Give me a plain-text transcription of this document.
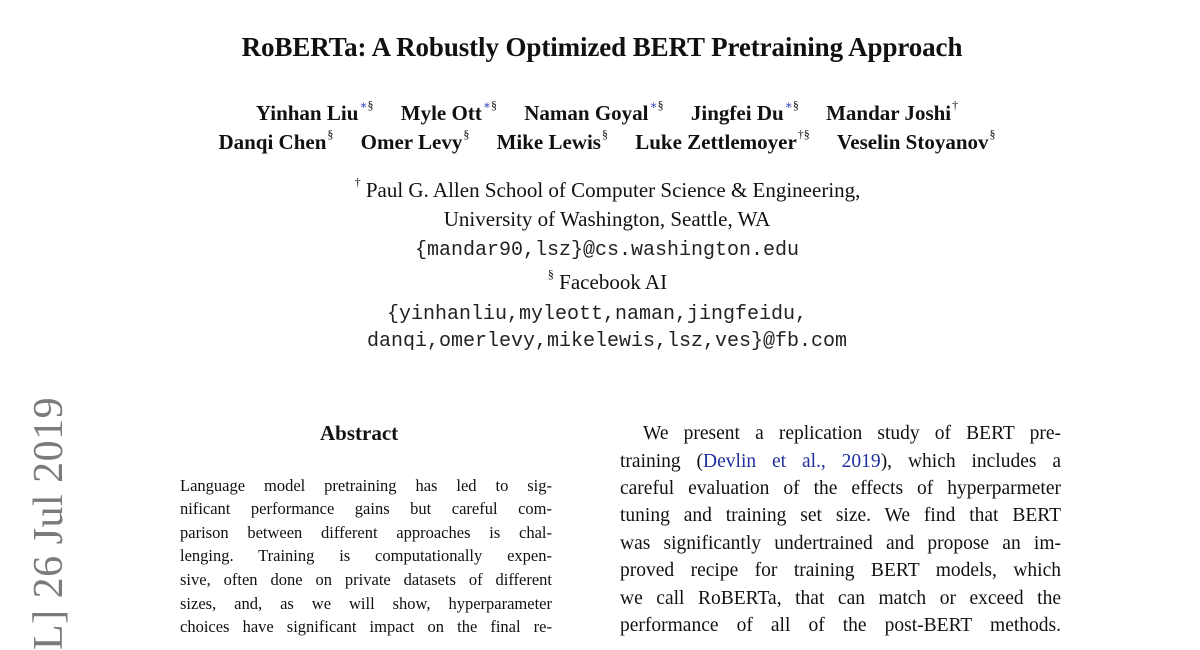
RoBERTa: A Robustly Optimized BERT Pretraining Approach
Yinhan Liu∗§ Myle Ott∗§ Naman Goyal∗§ Jingfei Du∗§ Mandar Joshi†
Danqi Chen§ Omer Levy§ Mike Lewis§ Luke Zettlemoyer†§ Veselin Stoyanov§
† Paul G. Allen School of Computer Science & Engineering,
University of Washington, Seattle, WA
{mandar90,lsz}@cs.washington.edu
§ Facebook AI
{yinhanliu,myleott,naman,jingfeidu,
danqi,omerlevy,mikelewis,lsz,ves}@fb.com
L] 26 Jul 2019	Abstract
Language model pretraining has led to sig-
nificant performance gains but careful com-
parison between different approaches is chal-
lenging. Training is computationally expen-
sive, often done on private datasets of different
sizes, and, as we will show, hyperparameter
choices have significant impact on the final re-
We present a replication study of BERT pre-
training (Devlin et al., 2019), which includes a
careful evaluation of the effects of hyperparmeter
tuning and training set size. We find that BERT
was significantly undertrained and propose an im-
proved recipe for training BERT models, which
we call RoBERTa, that can match or exceed the
performance of all of the post-BERT methods.
